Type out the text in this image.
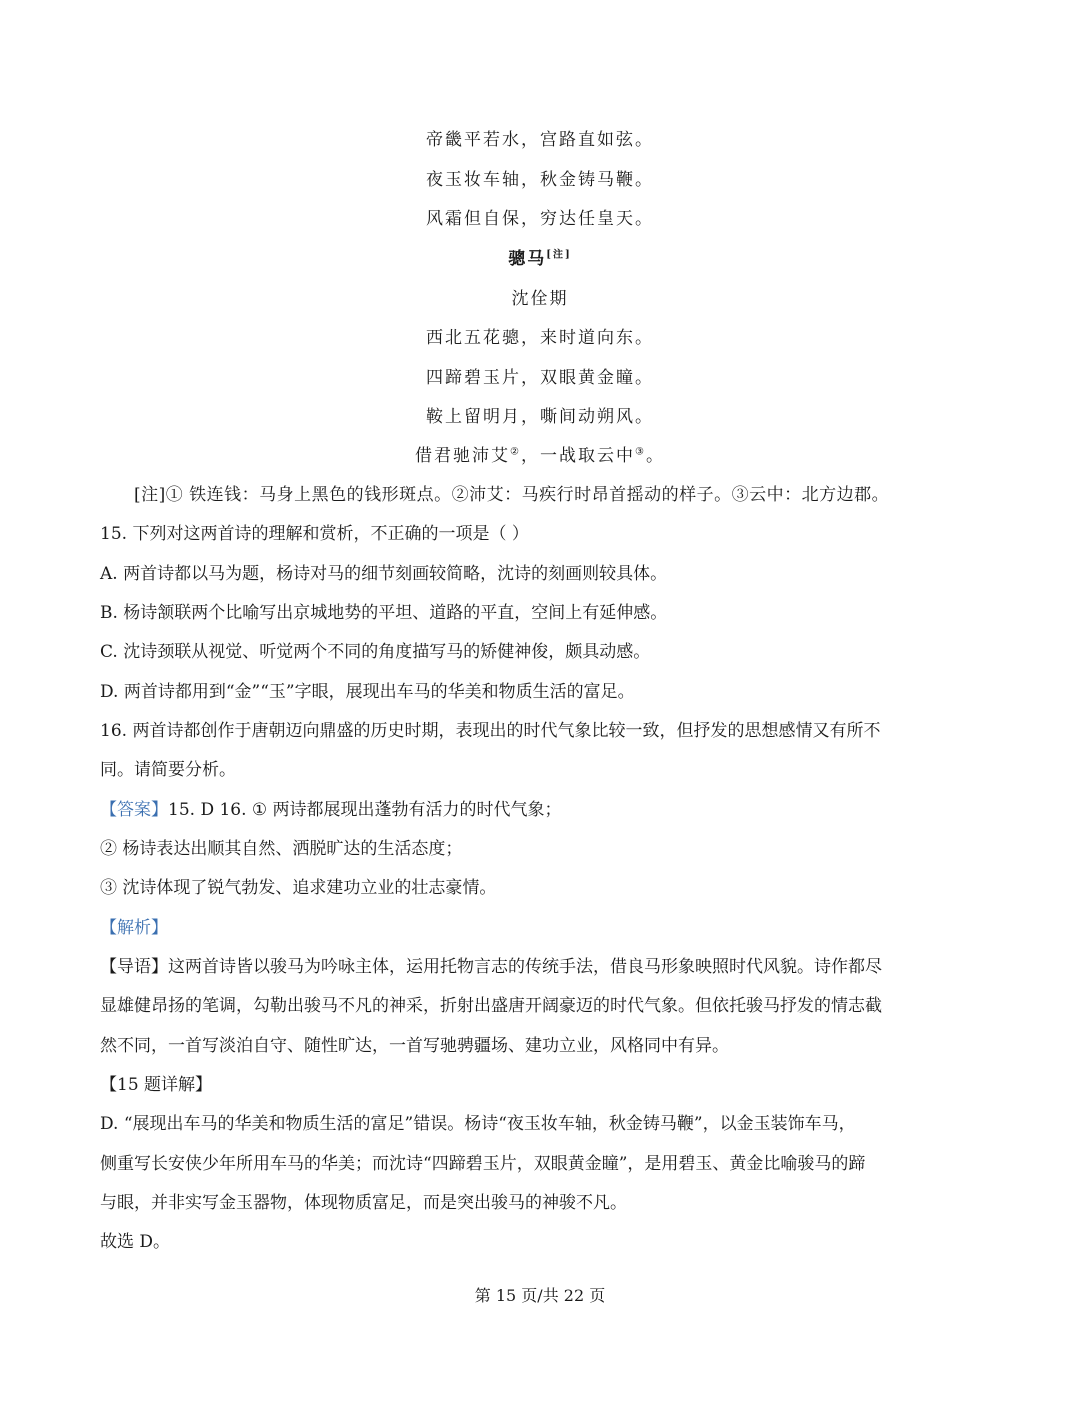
帝畿平若水，宫路直如弦。
夜玉妆车轴，秋金铸马鞭。
风霜但自保，穷达任皇天。
骢马[注]
沈佺期
西北五花骢，来时道向东。
四蹄碧玉片，双眼黄金瞳。
鞍上留明月，嘶间动朔风。
借君驰沛艾②，一战取云中③。
[注]① 铁连钱：马身上黑色的钱形斑点。②沛艾：马疾行时昂首摇动的样子。③云中：北方边郡。
15. 下列对这两首诗的理解和赏析，不正确的一项是（ ）
A. 两首诗都以马为题，杨诗对马的细节刻画较简略，沈诗的刻画则较具体。
B. 杨诗颔联两个比喻写出京城地势的平坦、道路的平直，空间上有延伸感。
C. 沈诗颈联从视觉、听觉两个不同的角度描写马的矫健神俊，颇具动感。
D. 两首诗都用到“金”“玉”字眼，展现出车马的华美和物质生活的富足。
16. 两首诗都创作于唐朝迈向鼎盛的历史时期，表现出的时代气象比较一致，但抒发的思想感情又有所不
同。请简要分析。
【答案】15. D 16. ① 两诗都展现出蓬勃有活力的时代气象；
② 杨诗表达出顺其自然、洒脱旷达的生活态度；
③ 沈诗体现了锐气勃发、追求建功立业的壮志豪情。
【解析】
【导语】这两首诗皆以骏马为吟咏主体，运用托物言志的传统手法，借良马形象映照时代风貌。诗作都尽
显雄健昂扬的笔调，勾勒出骏马不凡的神采，折射出盛唐开阔豪迈的时代气象。但依托骏马抒发的情志截
然不同，一首写淡泊自守、随性旷达，一首写驰骋疆场、建功立业，风格同中有异。
【15 题详解】
D. “展现出车马的华美和物质生活的富足”错误。杨诗“夜玉妆车轴，秋金铸马鞭”，以金玉装饰车马，
侧重写长安侠少年所用车马的华美；而沈诗“四蹄碧玉片，双眼黄金瞳”，是用碧玉、黄金比喻骏马的蹄
与眼，并非实写金玉器物，体现物质富足，而是突出骏马的神骏不凡。
故选 D。
第 15 页/共 22 页
